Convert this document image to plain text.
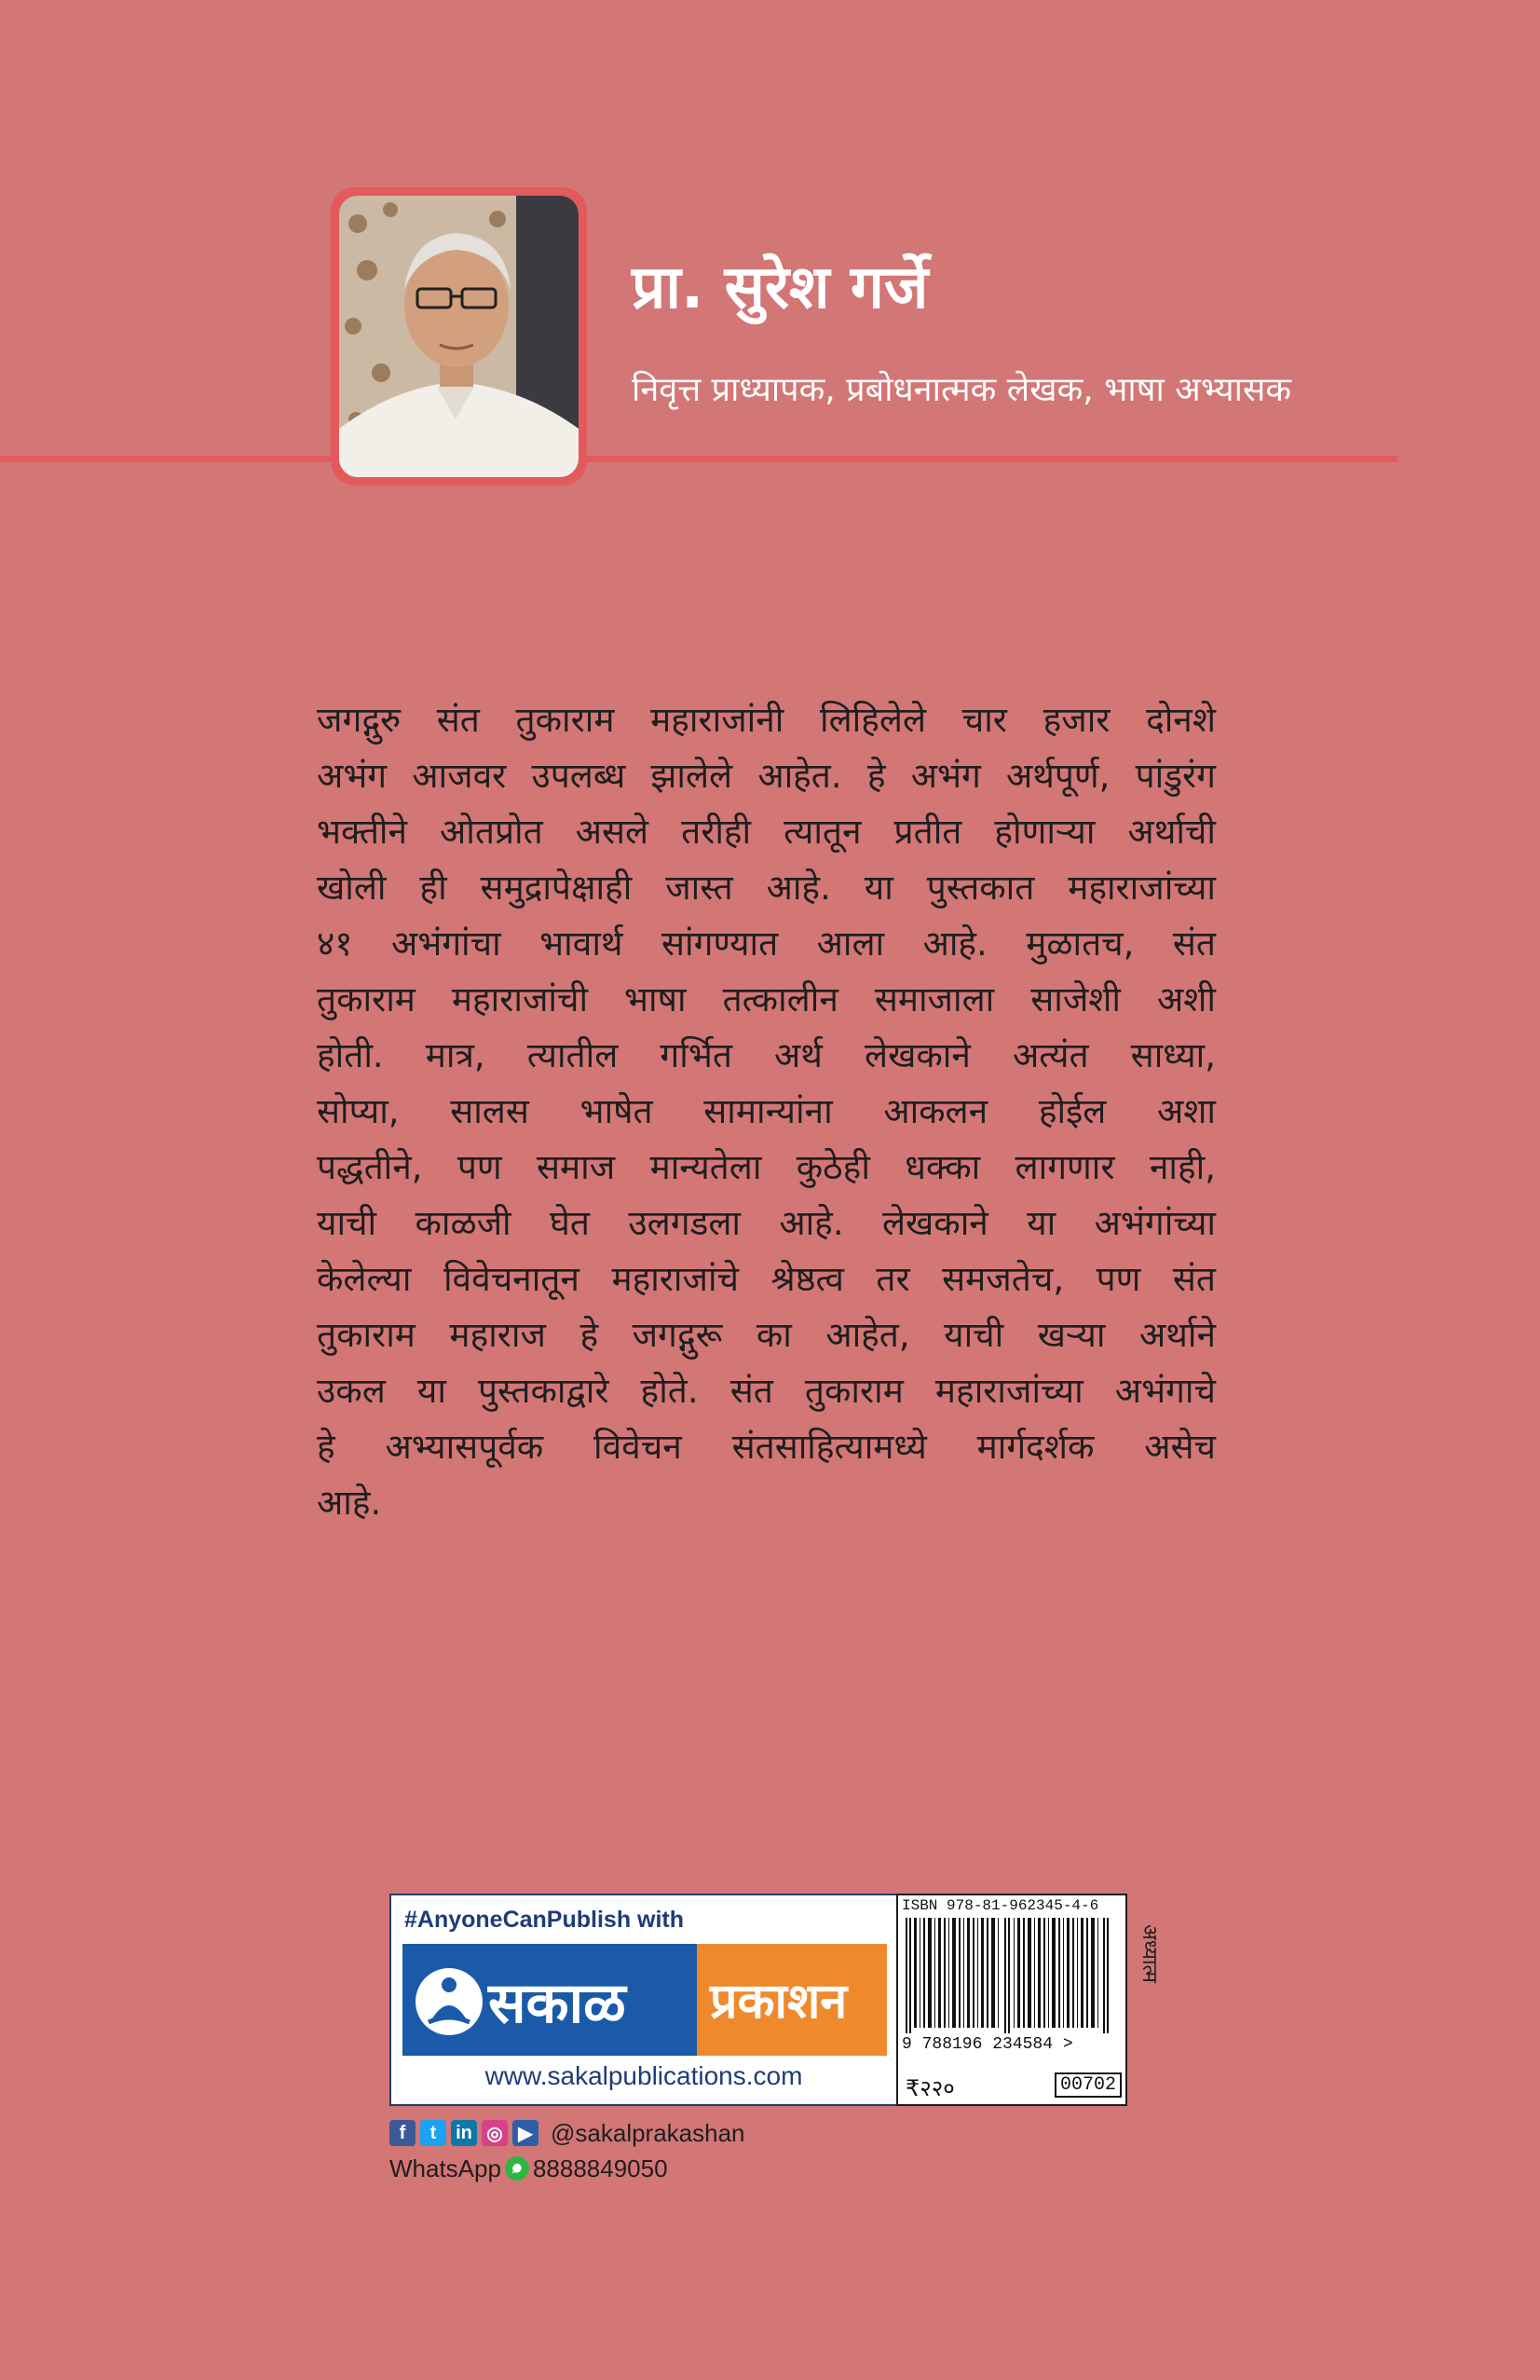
प्रा. सुरेश गर्जे
निवृत्त प्राध्यापक, प्रबोधनात्मक लेखक, भाषा अभ्यासक
जगद्गुरु संत तुकाराम महाराजांनी लिहिलेले चार हजार दोनशे
अभंग आजवर उपलब्ध झालेले आहेत. हे अभंग अर्थपूर्ण, पांडुरंग
भक्तीने ओतप्रोत असले तरीही त्यातून प्रतीत होणाऱ्या अर्थाची
खोली ही समुद्रापेक्षाही जास्त आहे. या पुस्तकात महाराजांच्या
४१ अभंगांचा भावार्थ सांगण्यात आला आहे. मुळातच, संत
तुकाराम महाराजांची भाषा तत्कालीन समाजाला साजेशी अशी
होती. मात्र, त्यातील गर्भित अर्थ लेखकाने अत्यंत साध्या,
सोप्या, सालस भाषेत सामान्यांना आकलन होईल अशा
पद्धतीने, पण समाज मान्यतेला कुठेही धक्का लागणार नाही,
याची काळजी घेत उलगडला आहे. लेखकाने या अभंगांच्या
केलेल्या विवेचनातून महाराजांचे श्रेष्ठत्व तर समजतेच, पण संत
तुकाराम महाराज हे जगद्गुरू का आहेत, याची खऱ्या अर्थाने
उकल या पुस्तकाद्वारे होते. संत तुकाराम महाराजांच्या अभंगाचे
हे अभ्यासपूर्वक विवेचन संतसाहित्यामध्ये मार्गदर्शक असेच
आहे.
#AnyoneCanPublish with
सकाळ प्रकाशन
www.sakalpublications.com
ISBN 978-81-962345-4-6
9 788196 234584 >
₹२२०	00702
अध्यात्म
f	t	in ◎ ▶ @sakalprakashan
WhatsApp 8888849050
